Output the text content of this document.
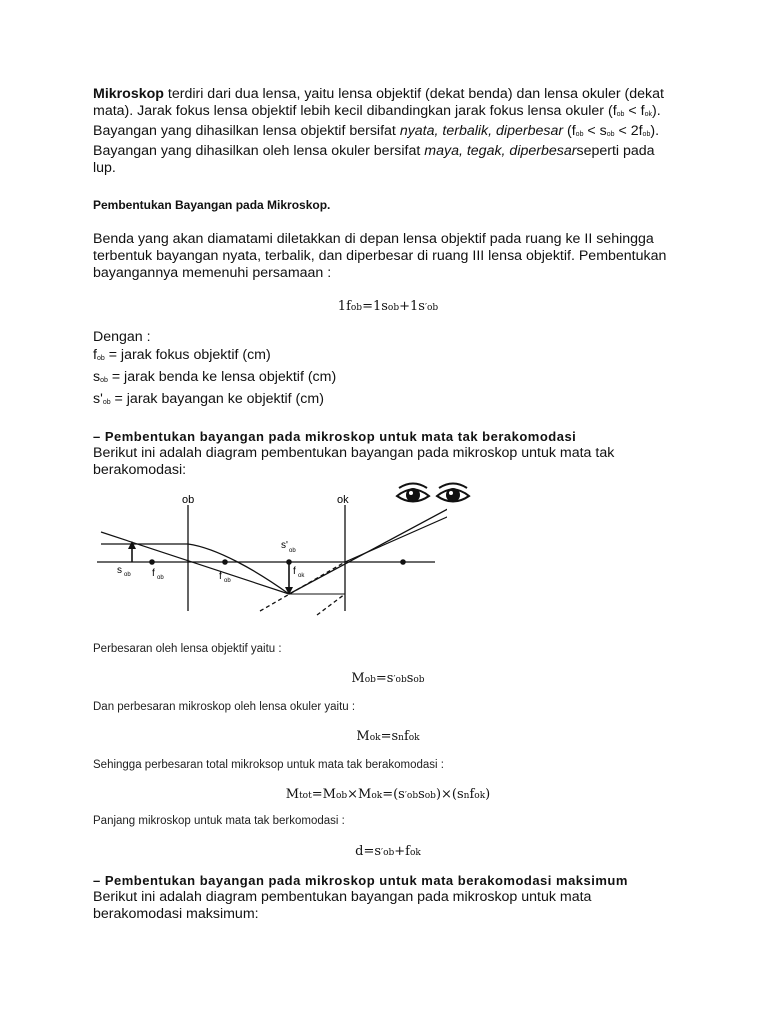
Mikroskop terdiri dari dua lensa, yaitu lensa objektif (dekat benda) dan lensa okuler (dekat mata). Jarak fokus lensa objektif lebih kecil dibandingkan jarak fokus lensa okuler (fob < fok). Bayangan yang dihasilkan lensa objektif bersifat nyata, terbalik, diperbesar (fob < sob < 2fob). Bayangan yang dihasilkan oleh lensa okuler bersifat maya, tegak, diperbesarseperti pada lup.

Pembentukan Bayangan pada Mikroskop.

Benda yang akan diamatami diletakkan di depan lensa objektif pada ruang ke II sehingga terbentuk bayangan nyata, terbalik, dan diperbesar di ruang III lensa objektif. Pembentukan bayangannya memenuhi persamaan :

1fob=1sob+1s′ob

Dengan :

fob = jarak fokus objektif (cm)

sob = jarak benda ke lensa objektif (cm)

s'ob = jarak bayangan ke objektif (cm)

– Pembentukan bayangan pada mikroskop untuk mata tak berakomodasi

Berikut ini adalah diagram pembentukan bayangan pada mikroskop untuk mata tak berakomodasi:

ob	ok
s' ob
s ob f ob	f ob
f ok

Perbesaran oleh lensa objektif yaitu :

Mob=s′obsob

Dan perbesaran mikroskop oleh lensa okuler yaitu :

Mok=snfok

Sehingga perbesaran total mikroksop untuk mata tak berakomodasi :

Mtot=Mob×Mok=(s′obsob)×(snfok)

Panjang mikroskop untuk mata tak berkomodasi :

d=s′ob+fok

– Pembentukan bayangan pada mikroskop untuk mata berakomodasi maksimum

Berikut ini adalah diagram pembentukan bayangan pada mikroskop untuk mata berakomodasi maksimum:
